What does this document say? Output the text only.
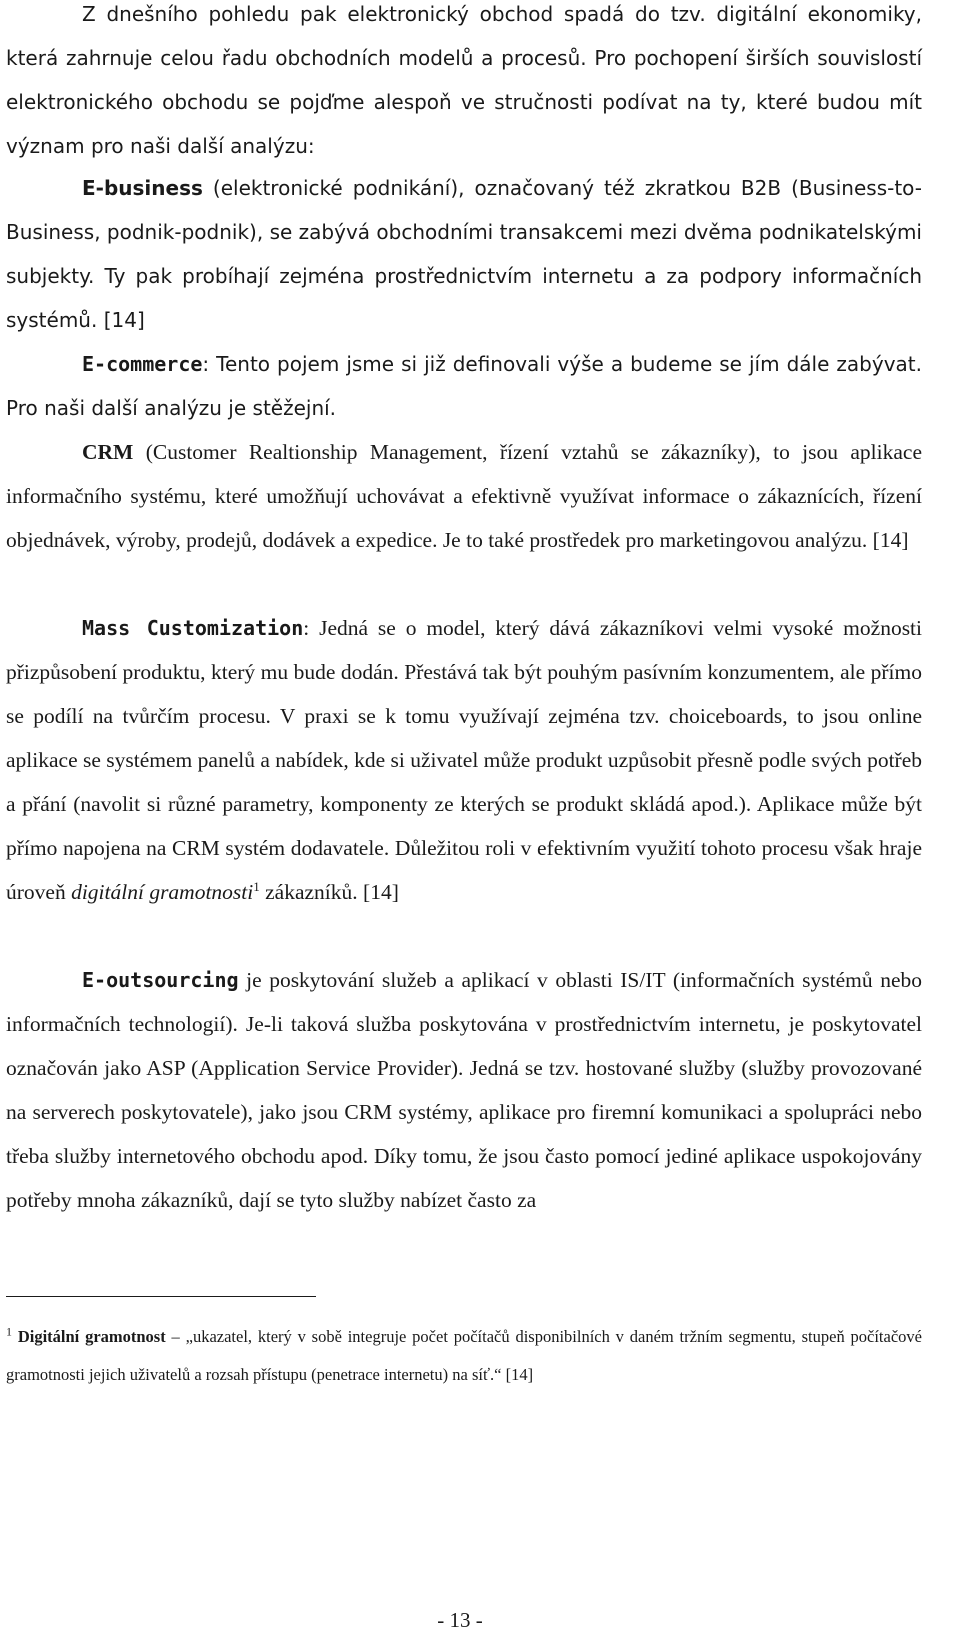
Z dnešního pohledu pak elektronický obchod spadá do tzv. digitální ekonomiky, která zahrnuje celou řadu obchodních modelů a procesů. Pro pochopení širších souvislostí elektronického obchodu se pojďme alespoň ve stručnosti podívat na ty, které budou mít význam pro naši další analýzu:

E-business (elektronické podnikání), označovaný též zkratkou B2B (Business-to-Business, podnik-podnik), se zabývá obchodními transakcemi mezi dvěma podnikatelskými subjekty. Ty pak probíhají zejména prostřednictvím internetu a za podpory informačních systémů. [14]

E-commerce: Tento pojem jsme si již definovali výše a budeme se jím dále zabývat. Pro naši další analýzu je stěžejní.

CRM (Customer Realtionship Management, řízení vztahů se zákazníky), to jsou aplikace informačního systému, které umožňují uchovávat a efektivně využívat informace o zákaznících, řízení objednávek, výroby, prodejů, dodávek a expedice. Je to také prostředek pro marketingovou analýzu. [14]

Mass Customization: Jedná se o model, který dává zákazníkovi velmi vysoké možnosti přizpůsobení produktu, který mu bude dodán. Přestává tak být pouhým pasívním konzumentem, ale přímo se podílí na tvůrčím procesu. V praxi se k tomu využívají zejména tzv. choiceboards, to jsou online aplikace se systémem panelů a nabídek, kde si uživatel může produkt uzpůsobit přesně podle svých potřeb a přání (navolit si různé parametry, komponenty ze kterých se produkt skládá apod.). Aplikace může být přímo napojena na CRM systém dodavatele. Důležitou roli v efektivním využití tohoto procesu však hraje úroveň digitální gramotnosti$^1$ zákazníků. [14]

E-outsourcing je poskytování služeb a aplikací v oblasti IS/IT (informačních systémů nebo informačních technologií). Je-li taková služba poskytována v prostřednictvím internetu, je poskytovatel označován jako ASP (Application Service Provider). Jedná se tzv. hostované služby (služby provozované na serverech poskytovatele), jako jsou CRM systémy, aplikace pro firemní komunikaci a spolupráci nebo třeba služby internetového obchodu apod. Díky tomu, že jsou často pomocí jediné aplikace uspokojovány potřeby mnoha zákazníků, dají se tyto služby nabízet často za

$^1$ Digitální gramotnost – „ukazatel, který v sobě integruje počet počítačů disponibilních v daném tržním segmentu, stupeň počítačové gramotnosti jejich uživatelů a rozsah přístupu (penetrace internetu) na síť.“ [14]

- 13 -
